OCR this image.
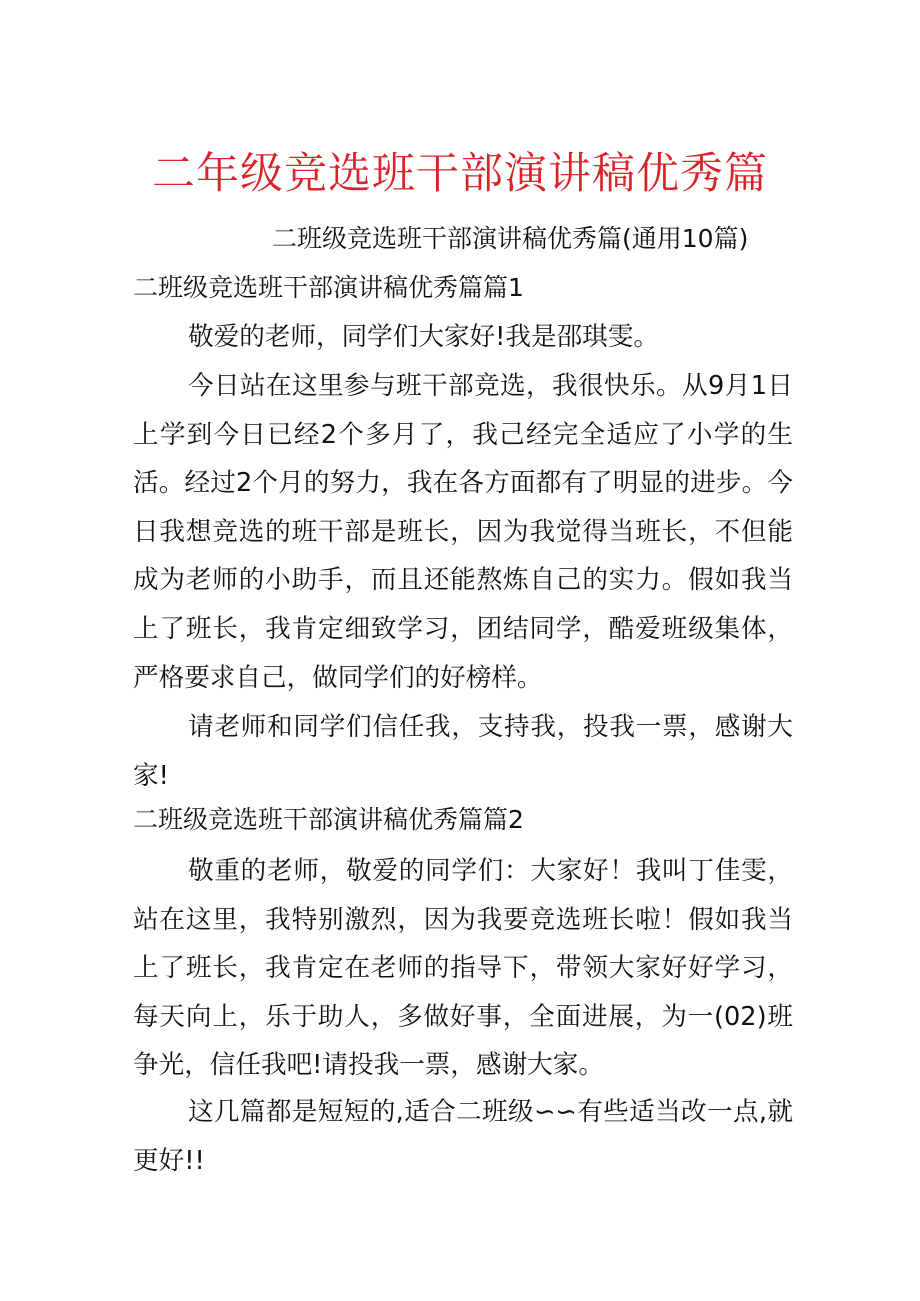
二年级竞选班干部演讲稿优秀篇
二班级竞选班干部演讲稿优秀篇(通用10篇)
二班级竞选班干部演讲稿优秀篇篇1

敬爱的老师，同学们大家好!我是邵琪雯。

今日站在这里参与班干部竞选，我很快乐。从9月1日上学到今日已经2个多月了，我己经完全适应了小学的生活。经过2个月的努力，我在各方面都有了明显的进步。今日我想竞选的班干部是班长，因为我觉得当班长，不但能成为老师的小助手，而且还能熬炼自己的实力。假如我当上了班长，我肯定细致学习，团结同学，酷爱班级集体，严格要求自己，做同学们的好榜样。

请老师和同学们信任我，支持我，投我一票，感谢大家!

二班级竞选班干部演讲稿优秀篇篇2

敬重的老师，敬爱的同学们：大家好！我叫丁佳雯，站在这里，我特别激烈，因为我要竞选班长啦！假如我当上了班长，我肯定在老师的指导下，带领大家好好学习，每天向上，乐于助人，多做好事，全面进展，为一(02)班争光，信任我吧!请投我一票，感谢大家。

这几篇都是短短的,适合二班级∽∽有些适当改一点,就更好!!
